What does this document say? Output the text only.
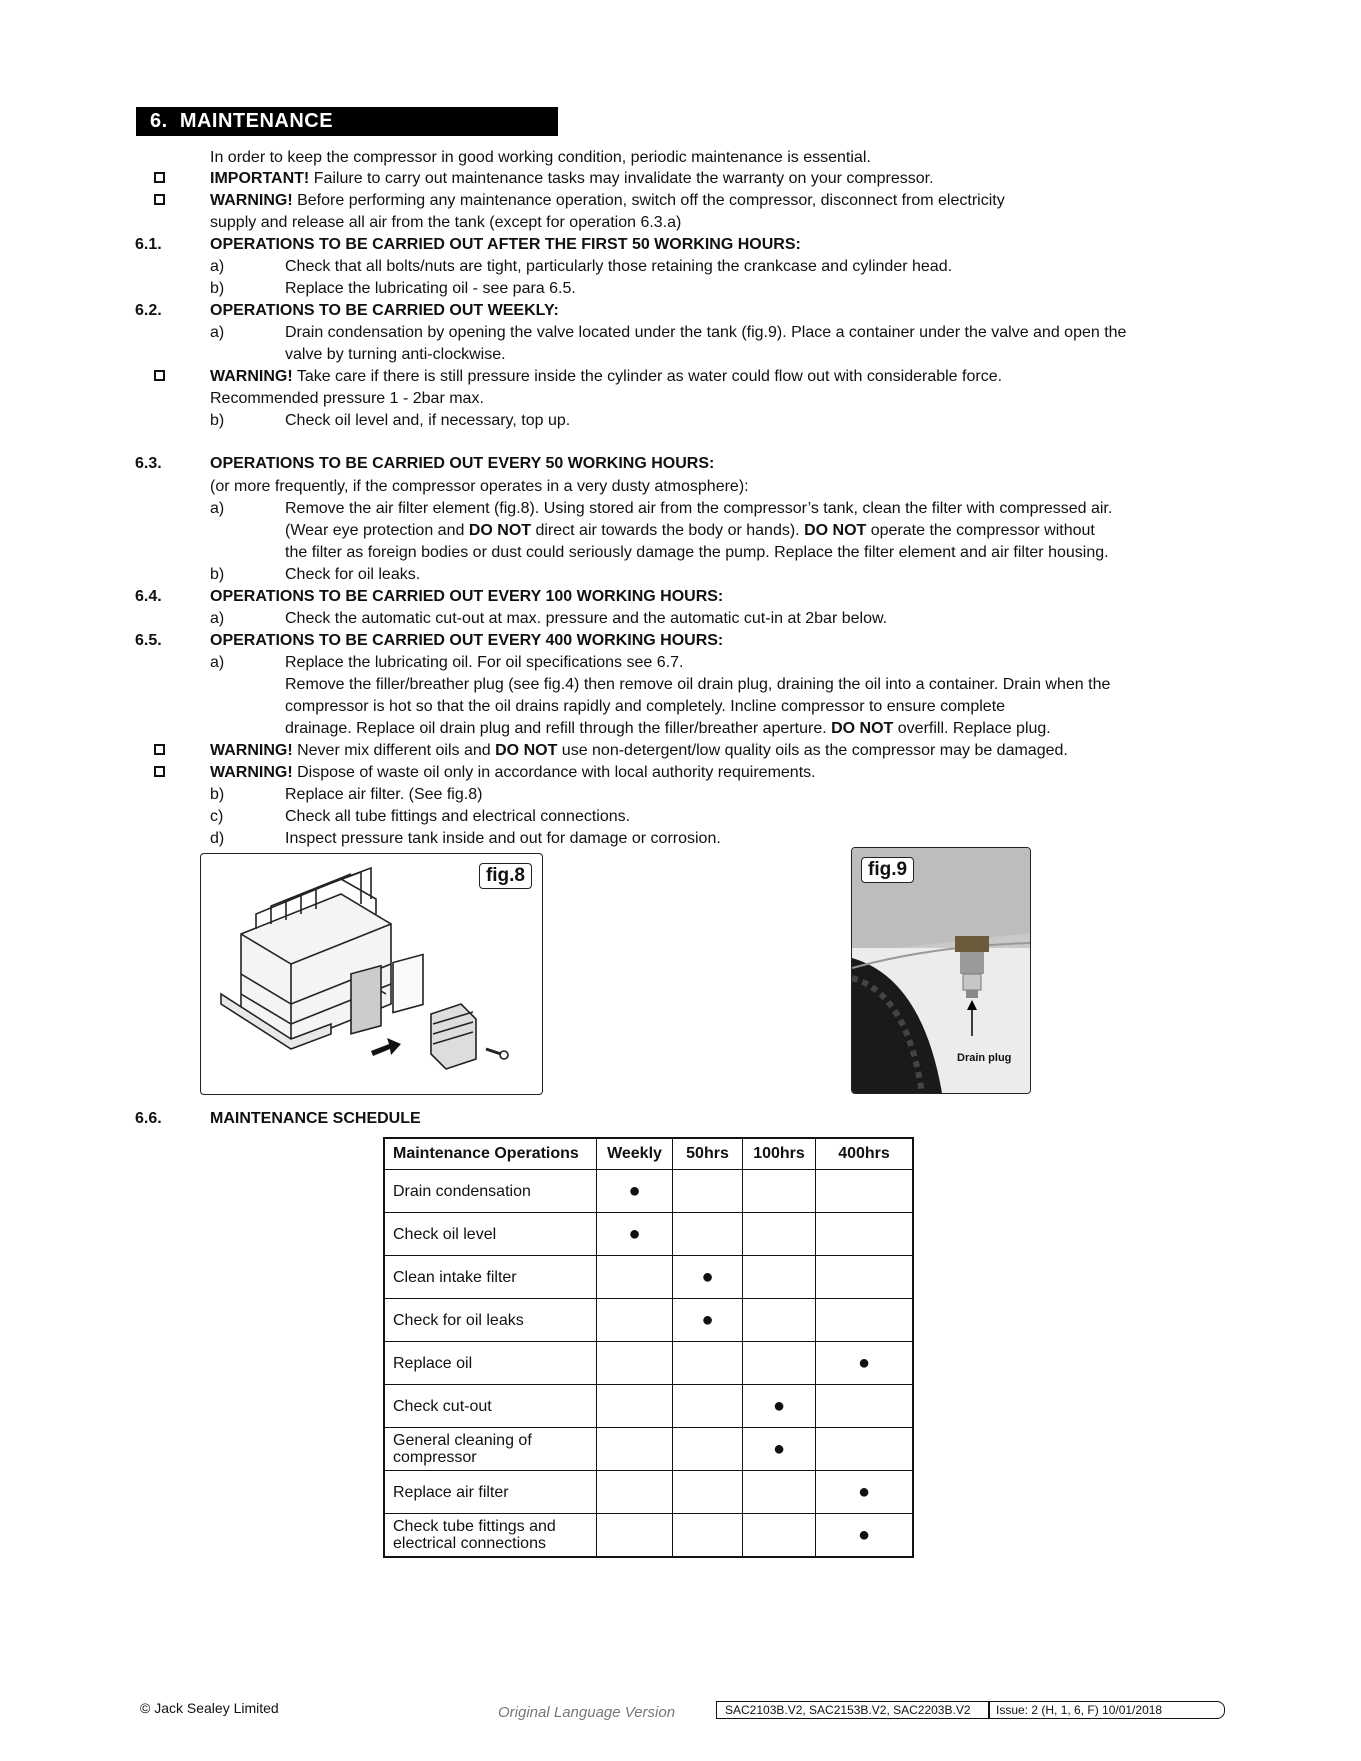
6. MAINTENANCE
In order to keep the compressor in good working condition, periodic maintenance is essential.
IMPORTANT! Failure to carry out maintenance tasks may invalidate the warranty on your compressor.
WARNING! Before performing any maintenance operation, switch off the compressor, disconnect from electricity
supply and release all air from the tank (except for operation 6.3.a)
6.1.	OPERATIONS TO BE CARRIED OUT AFTER THE FIRST 50 WORKING HOURS:
a)	Check that all bolts/nuts are tight, particularly those retaining the crankcase and cylinder head.
b)	Replace the lubricating oil - see para 6.5.
6.2.	OPERATIONS TO BE CARRIED OUT WEEKLY:
a)	Drain condensation by opening the valve located under the tank (fig.9). Place a container under the valve and open the
valve by turning anti-clockwise.
WARNING! Take care if there is still pressure inside the cylinder as water could flow out with considerable force.
Recommended pressure 1 - 2bar max.
b)	Check oil level and, if necessary, top up.
6.3.	OPERATIONS TO BE CARRIED OUT EVERY 50 WORKING HOURS:
(or more frequently, if the compressor operates in a very dusty atmosphere):
a)	Remove the air filter element (fig.8). Using stored air from the compressor’s tank, clean the filter with compressed air.
(Wear eye protection and DO NOT direct air towards the body or hands). DO NOT operate the compressor without
the filter as foreign bodies or dust could seriously damage the pump. Replace the filter element and air filter housing.
b)	Check for oil leaks.
6.4.	OPERATIONS TO BE CARRIED OUT EVERY 100 WORKING HOURS:
a)	Check the automatic cut-out at max. pressure and the automatic cut-in at 2bar below.
6.5.	OPERATIONS TO BE CARRIED OUT EVERY 400 WORKING HOURS:
a)	Replace the lubricating oil. For oil specifications see 6.7.
Remove the filler/breather plug (see fig.4) then remove oil drain plug, draining the oil into a container. Drain when the
compressor is hot so that the oil drains rapidly and completely. Incline compressor to ensure complete
drainage. Replace oil drain plug and refill through the filler/breather aperture. DO NOT overfill. Replace plug.
WARNING! Never mix different oils and DO NOT use non-detergent/low quality oils as the compressor may be damaged.
WARNING! Dispose of waste oil only in accordance with local authority requirements.
b)	Replace air filter. (See fig.8)
c)	Check all tube fittings and electrical connections.
d)	Inspect pressure tank inside and out for damage or corrosion.
fig.8	fig.9
Drain plug
6.6.	MAINTENANCE SCHEDULE
Maintenance Operations	Weekly	50hrs	100hrs	400hrs
Drain condensation	●			
Check oil level	●			
Clean intake filter		●		
Check for oil leaks		●		
Replace oil				●
Check cut-out			●	
General cleaning of compressor			●	
Replace air filter				●
Check tube fittings and electrical connections				●
© Jack Sealey Limited	Original Language Version	SAC2103B.V2, SAC2153B.V2, SAC2203B.V2 Issue: 2 (H, 1, 6, F) 10/01/2018
